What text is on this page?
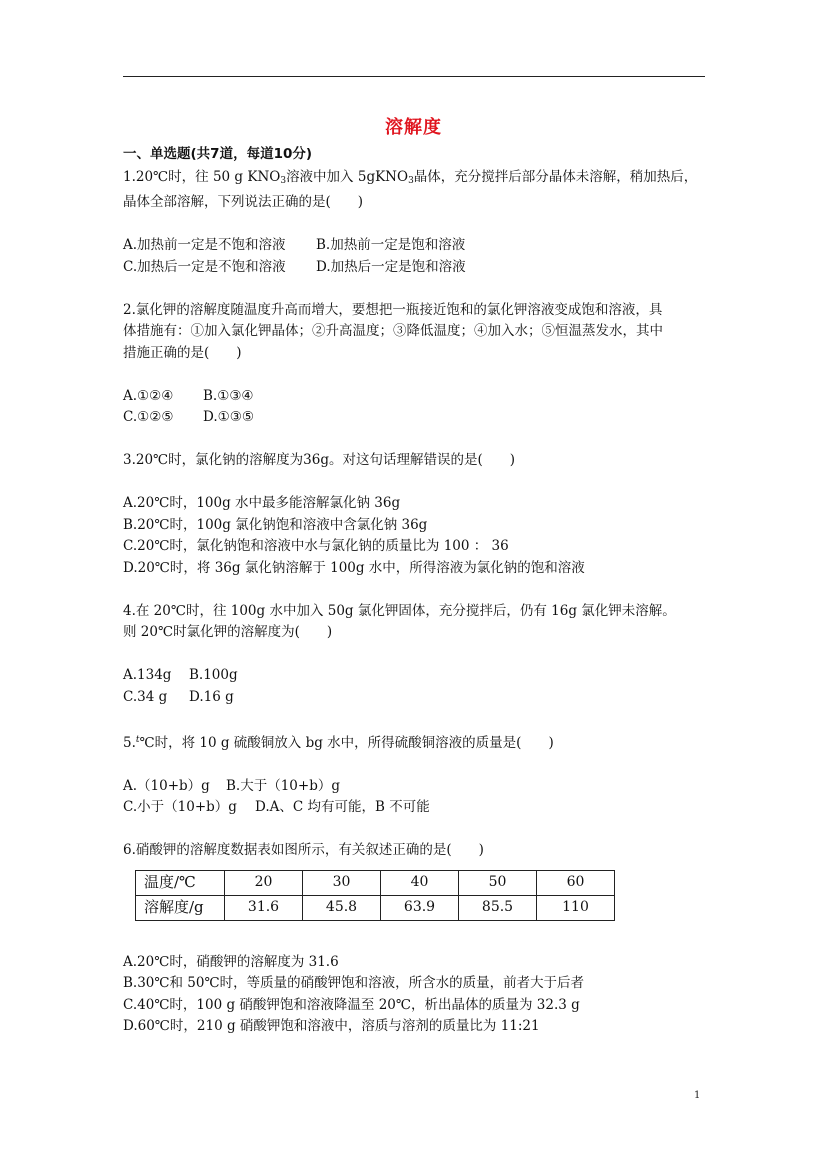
溶解度
一、单选题(共7道，每道10分)
1.20℃时，往 50 g $KNO_3$溶液中加入 5gKNO$_3$晶体，充分搅拌后部分晶体未溶解，稍加热后，
晶体全部溶解，下列说法正确的是(　　)
A.加热前一定是不饱和溶液	B.加热前一定是饱和溶液
C.加热后一定是不饱和溶液	D.加热后一定是饱和溶液
2.氯化钾的溶解度随温度升高而增大，要想把一瓶接近饱和的氯化钾溶液变成饱和溶液，具
体措施有：①加入氯化钾晶体；②升高温度；③降低温度；④加入水；⑤恒温蒸发水，其中
措施正确的是(　　)
A.①②④	B.①③④
C.①②⑤	D.①③⑤
3.20℃时，氯化钠的溶解度为36g。对这句话理解错误的是(　　)
A.20℃时，100g 水中最多能溶解氯化钠 36g
B.20℃时，100g 氯化钠饱和溶液中含氯化钠 36g
C.20℃时，氯化钠饱和溶液中水与氯化钠的质量比为 100 ： 36
D.20℃时，将 36g 氯化钠溶解于 100g 水中，所得溶液为氯化钠的饱和溶液
4.在 20℃时，往 100g 水中加入 50g 氯化钾固体，充分搅拌后，仍有 16g 氯化钾未溶解。
则 20℃时氯化钾的溶解度为(　　)
A.134g	B.100g
C.34 g	D.16 g
5.$^t$℃时，将 10 g 硫酸铜放入 bg 水中，所得硫酸铜溶液的质量是(　　)
A.（10+b）g	B.大于（10+b）g
C.小于（10+b）g	D.A、C 均有可能，B 不可能
6.硝酸钾的溶解度数据表如图所示，有关叙述正确的是(　　)
温度/℃	20	30	40	50	60
溶解度/g	31.6	45.8	63.9	85.5	110
A.20℃时，硝酸钾的溶解度为 31.6
B.30℃和 50℃时，等质量的硝酸钾饱和溶液，所含水的质量，前者大于后者
C.40℃时，100 g 硝酸钾饱和溶液降温至 20℃，析出晶体的质量为 32.3 g
D.60℃时，210 g 硝酸钾饱和溶液中，溶质与溶剂的质量比为 11:21
1
